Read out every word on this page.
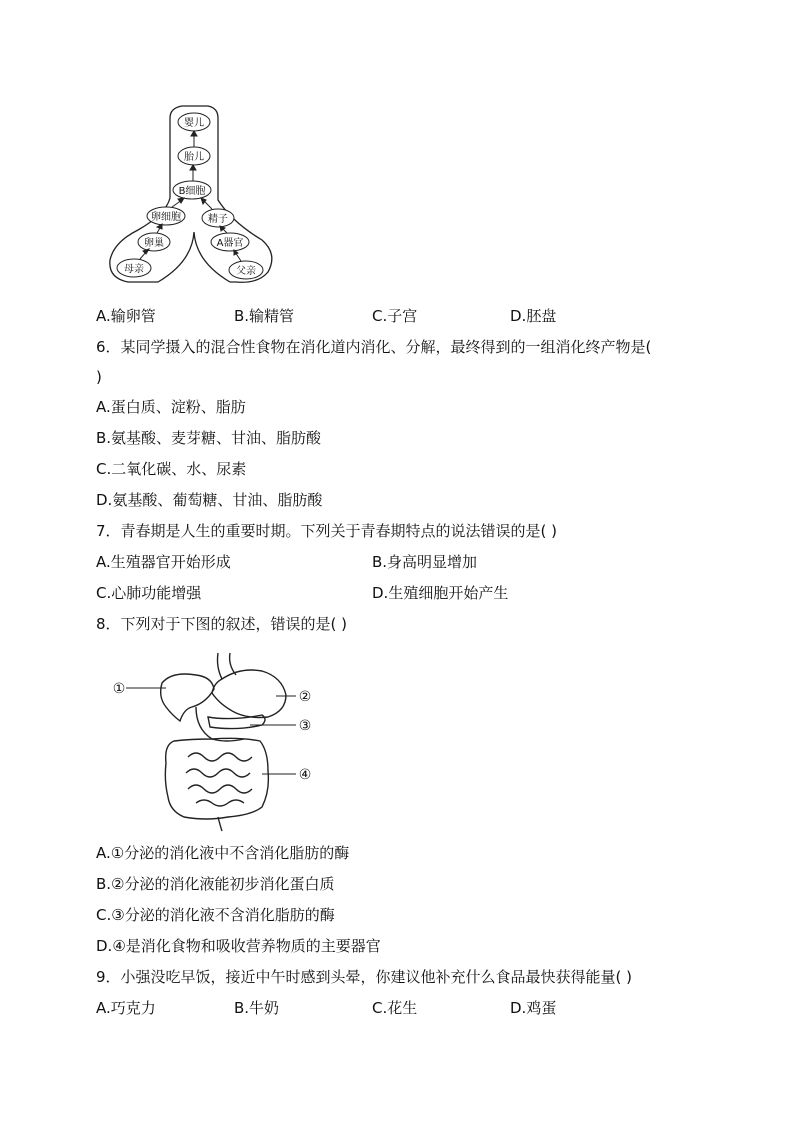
婴儿
胎儿
B细胞
卵细胞	精子
卵巢	A器官
母亲	父亲
A.输卵管	B.输精管	C.子宫	D.胚盘
6．某同学摄入的混合性食物在消化道内消化、分解，最终得到的一组消化终产物是(
)
A.蛋白质、淀粉、脂肪
B.氨基酸、麦芽糖、甘油、脂肪酸
C.二氧化碳、水、尿素
D.氨基酸、葡萄糖、甘油、脂肪酸
7．青春期是人生的重要时期。下列关于青春期特点的说法错误的是( )
A.生殖器官开始形成	B.身高明显增加
C.心肺功能增强	D.生殖细胞开始产生
8．下列对于下图的叙述，错误的是( )
①	②
③
④
A.①分泌的消化液中不含消化脂肪的酶
B.②分泌的消化液能初步消化蛋白质
C.③分泌的消化液不含消化脂肪的酶
D.④是消化食物和吸收营养物质的主要器官
9．小强没吃早饭，接近中午时感到头晕，你建议他补充什么食品最快获得能量( )
A.巧克力	B.牛奶	C.花生	D.鸡蛋
